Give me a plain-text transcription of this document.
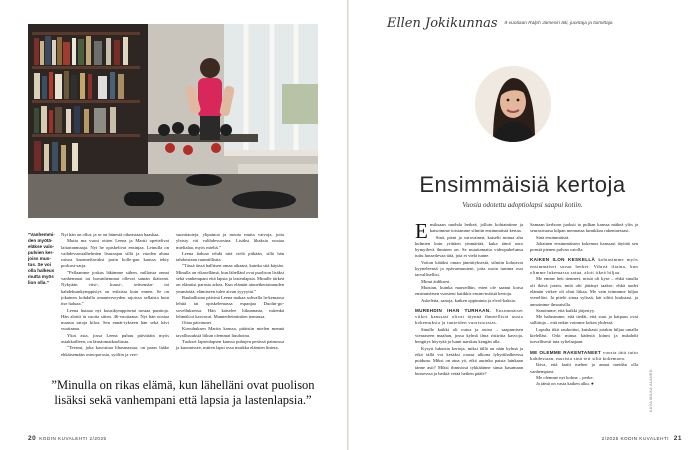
”Vanhemmi-den myötä-eläkse valo-pulvien ker-joiss muo-tus. Se voi olla halkeus mutta myös lion olla.”

Nyt hän on ollut, ja se on hänestä oikeastaan haaskaa.

Mutta ma vuosi ottien Leena ja Martti opettelivat laitartanmaaja. Nyt he opiskelivat ensinjaa. Leinulla on vaihdevuosialhelmien lisuraajan sillä ja vuoden aluna ruisoa kaarmeftavaksi parin kolle-gan kanssa tehty podcast-sarja.

”Pellaamme joskus läkämme siihen, millaista onnai vanhemmat tai huvanhemmat ollevat saman ikäisenä. Nykyään viisi-, kuusi-, seitsemän- tai kahdeksankymppisiys on erilaista kuin ennen. Se on jokainen kohdalla omanterveyden rajoissa sellaista kuin itse haluaa.”

Leena hutaaa nyt kuusikymppisenä nostaa punttoja. Hän aloitti tä vuotta sitten. 46-vuotiaana. Nyt hän nostaa maasta satoja kiloa. Sen ennät-tykseen hän sekä kävi vuotiaana.

Ykoi asia, jossa Leena puhuu päivittäin myös asiakkailleen, on läsnäomatkaoltusta.

”Teesmi, joka kasvattaa lihasmassaa, on paras lääke ehkäisemään osteoporosia, syöliin ja veri-

suonitauteja, ylipainoa ja monia muita vaivoja, joita yleisty vät valihdevuosina. Lisäksi lihaksia nostaa mielialaa, myös mieliä.”

Leena haluaa tehdä nitä vielä pitkään, sillä hän tahdoistaan ruumiillistta.

”Tässä iässä hallitsen omaa aikaani, kuinka sitä käytän. Minulla on rikasellämä, kun lähellänl ovat puolison lisäksi sekä vanhempani että lapsia ja lastenlapsia. Minulle tärkeä on elämiisi parasta arkea. Kun elämän ainuetkertainuuden ymmärtää, elämiseen tulee aivan syyyyttä.”

Rauhallisina päivinä Leena makaa sohvalla lu-kemassa lehtiä tai opiskelemassa espanjaa Duolin-go-sovelluksessa. Hän katselee liikunnasta, mitenkä lehmälcot kasvavat. Mannerheimintien tennassa.

Ottaa päiväunet.

Kirouhuksen Martin kanssa, pitäisiin mielen mennä tavallisuuksiä liikun olemmat liuuhoina.

Tuokset lapsenlapsen kanssa puhujen perässä paimossa ja kuonnissee, mitten lapsi ossa murkka elämien lintera.

”Minulla on rikas elämä, kun lähelläni ovat puolison lisäksi sekä vanhempani että lapsia ja lastenlapsia.”
20 KODIN KUVALEHTI 2/2025
Ellen Jokikunnas 8-vuotiaan Ralph Jamesin äiti, juontaja ja toimittaja
Ensimmäisiä kertoja
Vuosia odotettu adoptiolapsi saapui kotiin.

Ensiksaan unohda hetkeä, jolloin kohtaintime ja katsoimme toisiamme silmiin ensimmäistä kertaa.

Sinä, pieni ja varovainen, katselit minua alta kulmien kuin yrittäen ymmärtää, kuka tämä outo hymyilevä ihminen on. Se muuttamatta videopuhelunsa tuttu hasseilevaa tätä, jota et vielä tunne.

Voiton kätäksi oman jännittyksestä, silmiin kohoavat kyyneleensä ja epävarmuuteni, joita osoin tumma ossi tarvallisellisi.

Minut äidiksesi.

Muistan, kuinka marsedhin, etten ole saanut koisa ensimmäisen vuosieni katikkis ensim-mäistä kertoja.

Askeleita, sanoja, katken oppiminta ja elvol-kaksia.

MUREHDIN IHAN TURHAAN. Ensimmäiset viikot kanssasi olivat täynnä ihmeellisiä uusia kokemuksia ja tunteiden vuoristoratas.

Sinulle kaikki oli outoa ja outoa – saapumisen vieraaseen maahan, jossa kylmä ilma ristiriita kasvoja, hengitys höyryää ja lunni narskuu kengän alla.

Kysyit lukuisia kertoja, miksi tällä on näin kylmä ja eikö tällä voi kesäksi oiassa ulkona lyhyttihalkeessa puiduna. Miksi on aina yö, eikö aurinko paista lainkaan tänne asti? Miksi ihmisissä tykkääinne sinua kasamaan bussesssa ja hetkiä vetää hetken pääle?

Samaan kerhoon juoksit to pulkan kanssa mäkeä ylös ja seurasivaasa kilpan mennassa lumikkoa rakentaessasi.

Sinä ensimmäistä.

Jokainen ensimmäisten kokemus kanssasi täyttää sen ponstä pienen palvan vaiolla.

KAIKEN ILON KESKELLÄ kohtasimme myös ensimmäiset suruu hetket. Vihreä iltaina, kun olimme lukemassa satua, aloit itkeä hiljaa.

Me emme heti tienneet, mistä oli kyse – ehkä sinulla oli ikävä jotain, mitä olit jättänyt taakse, ehkä uudet elämän virkee oli ohut liikaa. Me vain teimmme hiljaa vierelläsi. Ja pitelö sinua sylissä, kät silitti hiuksiasi, ja annoimme ilmoaisilla.

Sanoimme, että kaikki järjestyy.

Me halusimme, että tiedät, että suru ja kaipaus ovat sallittuja – että nekin voimme kokea yhdessä.

Lopulta itkit rauhoittut, kuiskasit jotakin hiljaa omalla kielelläsi. Orki minua kädestä kiinni ja nukahdit turvallisesti tuta sylielaajaan.

ME OLEMME RAKENTANEET vuosia tätä tuttu kahdestaan, murista sinä tett siltä kokemaen.

Ikiva, että laatit mehen ja annat meidän olla vanhempiasi.

Me olemme nyt kolme – perhe.

Ja tämä on vasta kaiken alku. ●	KUVA MILKA ALANEN
2/2025 KODIN KUVALEHTI 21
